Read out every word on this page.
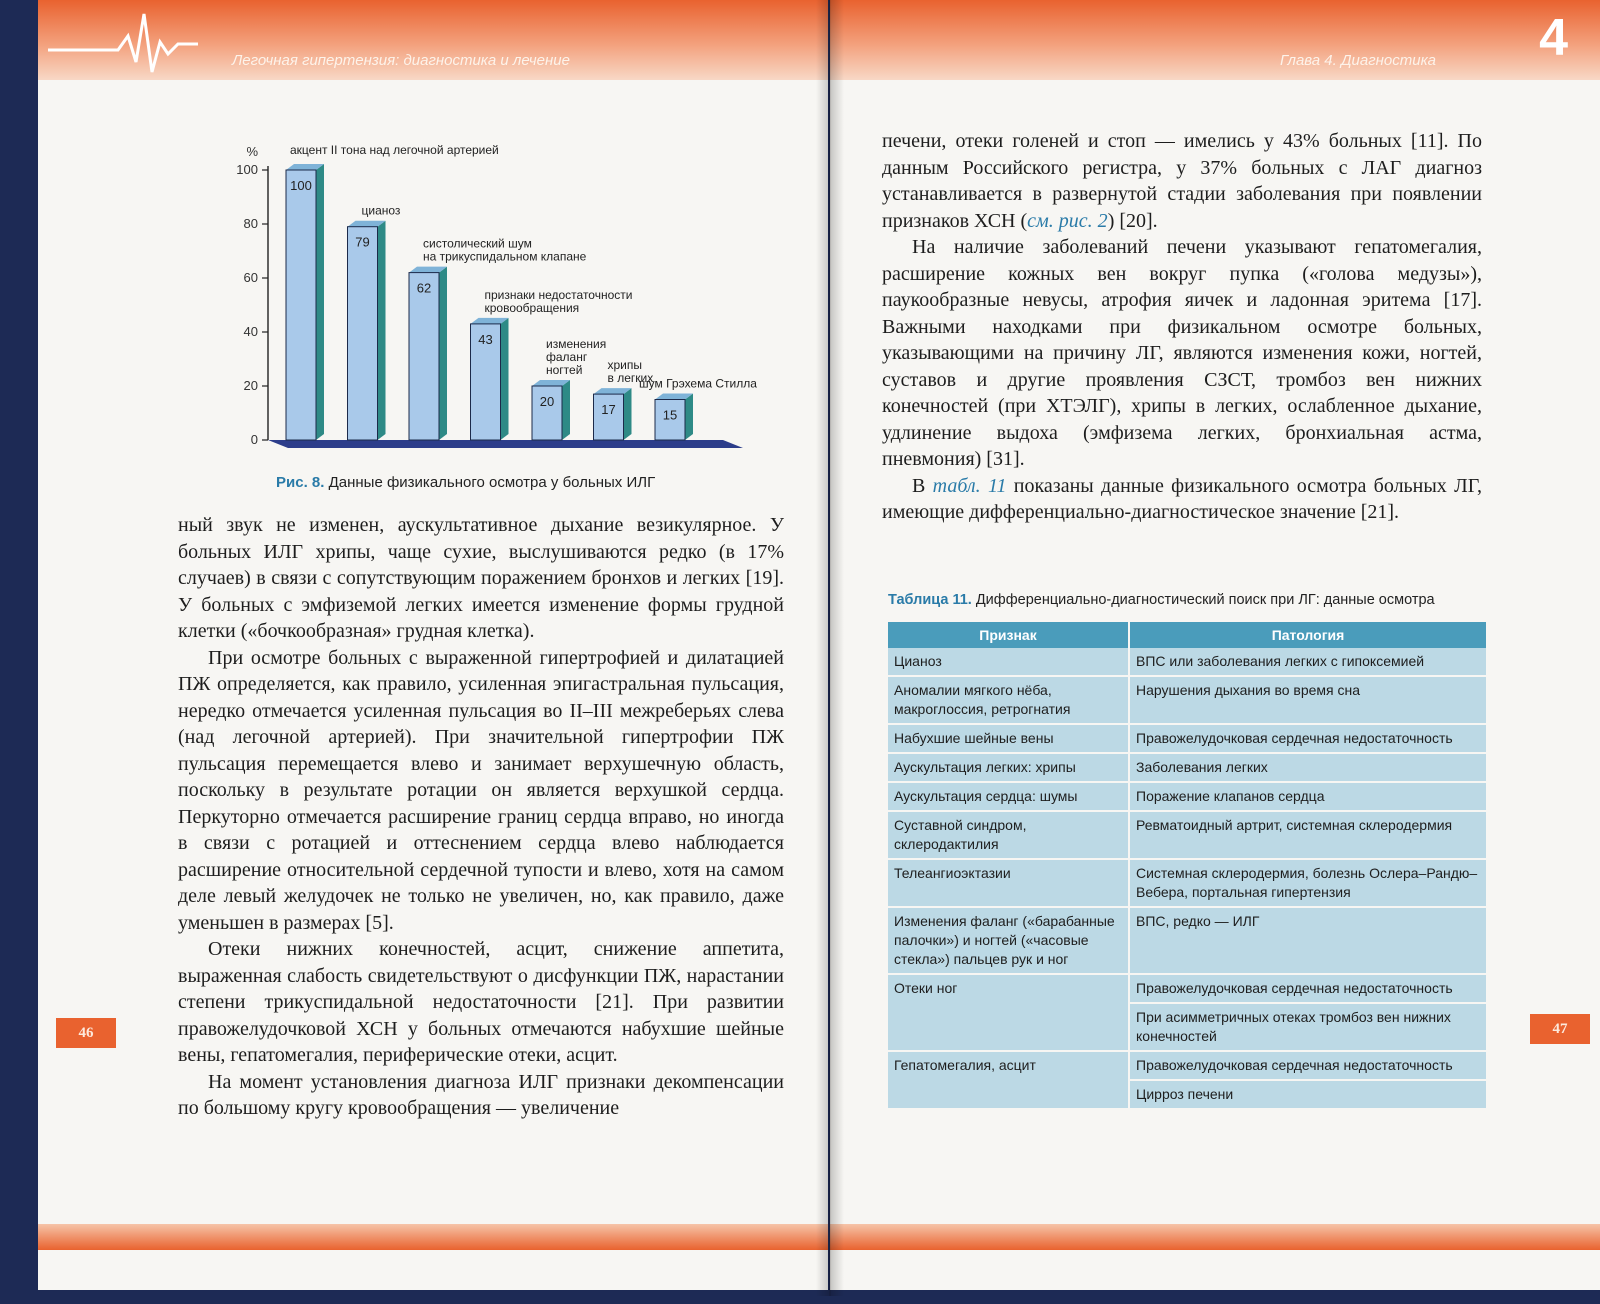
Легочная гипертензия: диагностика и лечение
%
0
20
40
60
80
100
100
акцент II тона над легочной артерией
79
цианоз
62
систолический шум на трикуспидальном клапане
43
признаки недостаточности кровообращения
20
изменения фаланг ногтей
17
хрипы в легких
15
шум Грэхема Стилла
Рис. 8. Данные физикального осмотра у больных ИЛГ

ный звук не изменен, аускультативное дыхание везикулярное. У больных ИЛГ хрипы, чаще сухие, выслушиваются редко (в 17% случаев) в связи с сопутствующим поражением бронхов и легких [19]. У больных с эмфиземой легких имеется изменение формы грудной клетки («бочкообразная» грудная клетка).

При осмотре больных с выраженной гипертрофией и дилатацией ПЖ определяется, как правило, усиленная эпигастральная пульсация, нередко отмечается усиленная пульсация во II–III межреберьях слева (над легочной артерией). При значительной гипертрофии ПЖ пульсация перемещается влево и занимает верхушечную область, поскольку в результате ротации он является верхушкой сердца. Перкуторно отмечается расширение границ сердца вправо, но иногда в связи с ротацией и оттеснением сердца влево наблюдается расширение относительной сердечной тупости и влево, хотя на самом деле левый желудочек не только не увеличен, но, как правило, даже уменьшен в размерах [5].

Отеки нижних конечностей, асцит, снижение аппетита, выраженная слабость свидетельствуют о дисфункции ПЖ, нарастании степени трикуспидальной недостаточности [21]. При развитии правожелудочковой ХСН у больных отмечаются набухшие шейные вены, гепатомегалия, периферические отеки, асцит.

На момент установления диагноза ИЛГ признаки декомпенсации по большому кругу кровообращения — увеличение

46
Глава 4. Диагностика 4

печени, отеки голеней и стоп — имелись у 43% больных [11]. По данным Российского регистра, у 37% больных с ЛАГ диагноз устанавливается в развернутой стадии заболевания при появлении признаков ХСН (см. рис. 2) [20].

На наличие заболеваний печени указывают гепатомегалия, расширение кожных вен вокруг пупка («голова медузы»), паукообразные невусы, атрофия яичек и ладонная эритема [17]. Важными находками при физикальном осмотре больных, указывающими на причину ЛГ, являются изменения кожи, ногтей, суставов и другие проявления СЗСТ, тромбоз вен нижних конечностей (при ХТЭЛГ), хрипы в легких, ослабленное дыхание, удлинение выдоха (эмфизема легких, бронхиальная астма, пневмония) [31].

В табл. 11 показаны данные физикального осмотра больных ЛГ, имеющие дифференциально-диагностическое значение [21].

Таблица 11. Дифференциально-диагностический поиск при ЛГ: данные осмотра
Признак	Патология
Цианоз	ВПС или заболевания легких с гипоксемией
Аномалии мягкого нёба, макроглоссия, ретрогнатия	Нарушения дыхания во время сна
Набухшие шейные вены	Правожелудочковая сердечная недостаточность
Аускультация легких: хрипы	Заболевания легких
Аускультация сердца: шумы	Поражение клапанов сердца
Суставной синдром, склеродактилия	Ревматоидный артрит, системная склеродермия
Телеангиоэктазии	Системная склеродермия, болезнь Ослера–Рандю–Вебера, портальная гипертензия
Изменения фаланг («барабанные палочки») и ногтей («часовые стекла») пальцев рук и ног	ВПС, редко — ИЛГ
Отеки ног	Правожелудочковая сердечная недостаточность
	При асимметричных отеках тромбоз вен нижних конечностей
Гепатомегалия, асцит	Правожелудочковая сердечная недостаточность
	Цирроз печени
47
